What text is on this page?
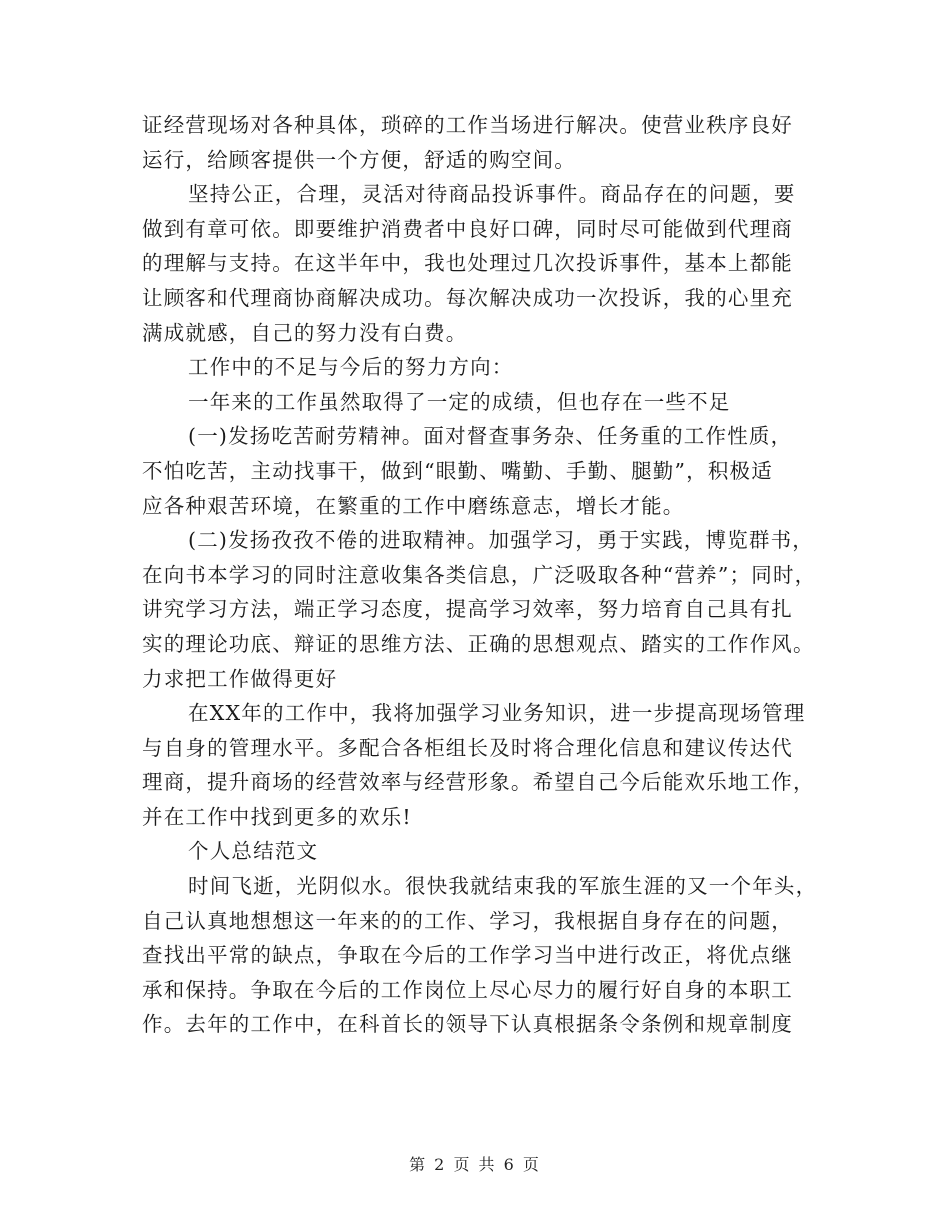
证经营现场对各种具体，琐碎的工作当场进行解决。使营业秩序良好
运行，给顾客提供一个方便，舒适的购空间。
坚持公正，合理，灵活对待商品投诉事件。商品存在的问题，要
做到有章可依。即要维护消费者中良好口碑，同时尽可能做到代理商
的理解与支持。在这半年中，我也处理过几次投诉事件，基本上都能
让顾客和代理商协商解决成功。每次解决成功一次投诉，我的心里充
满成就感，自己的努力没有白费。
工作中的不足与今后的努力方向：
一年来的工作虽然取得了一定的成绩，但也存在一些不足
(一)发扬吃苦耐劳精神。面对督查事务杂、任务重的工作性质，
不怕吃苦，主动找事干，做到“眼勤、嘴勤、手勤、腿勤”，积极适
应各种艰苦环境，在繁重的工作中磨练意志，增长才能。
(二)发扬孜孜不倦的进取精神。加强学习，勇于实践，博览群书，
在向书本学习的同时注意收集各类信息，广泛吸取各种“营养”；同时，
讲究学习方法，端正学习态度，提高学习效率，努力培育自己具有扎
实的理论功底、辩证的思维方法、正确的思想观点、踏实的工作作风。
力求把工作做得更好
在XX年的工作中，我将加强学习业务知识，进一步提高现场管理
与自身的管理水平。多配合各柜组长及时将合理化信息和建议传达代
理商，提升商场的经营效率与经营形象。希望自己今后能欢乐地工作，
并在工作中找到更多的欢乐!
个人总结范文
时间飞逝，光阴似水。很快我就结束我的军旅生涯的又一个年头，
自己认真地想想这一年来的的工作、学习，我根据自身存在的问题，
查找出平常的缺点，争取在今后的工作学习当中进行改正，将优点继
承和保持。争取在今后的工作岗位上尽心尽力的履行好自身的本职工
作。去年的工作中，在科首长的领导下认真根据条令条例和规章制度
第 2 页 共 6 页
